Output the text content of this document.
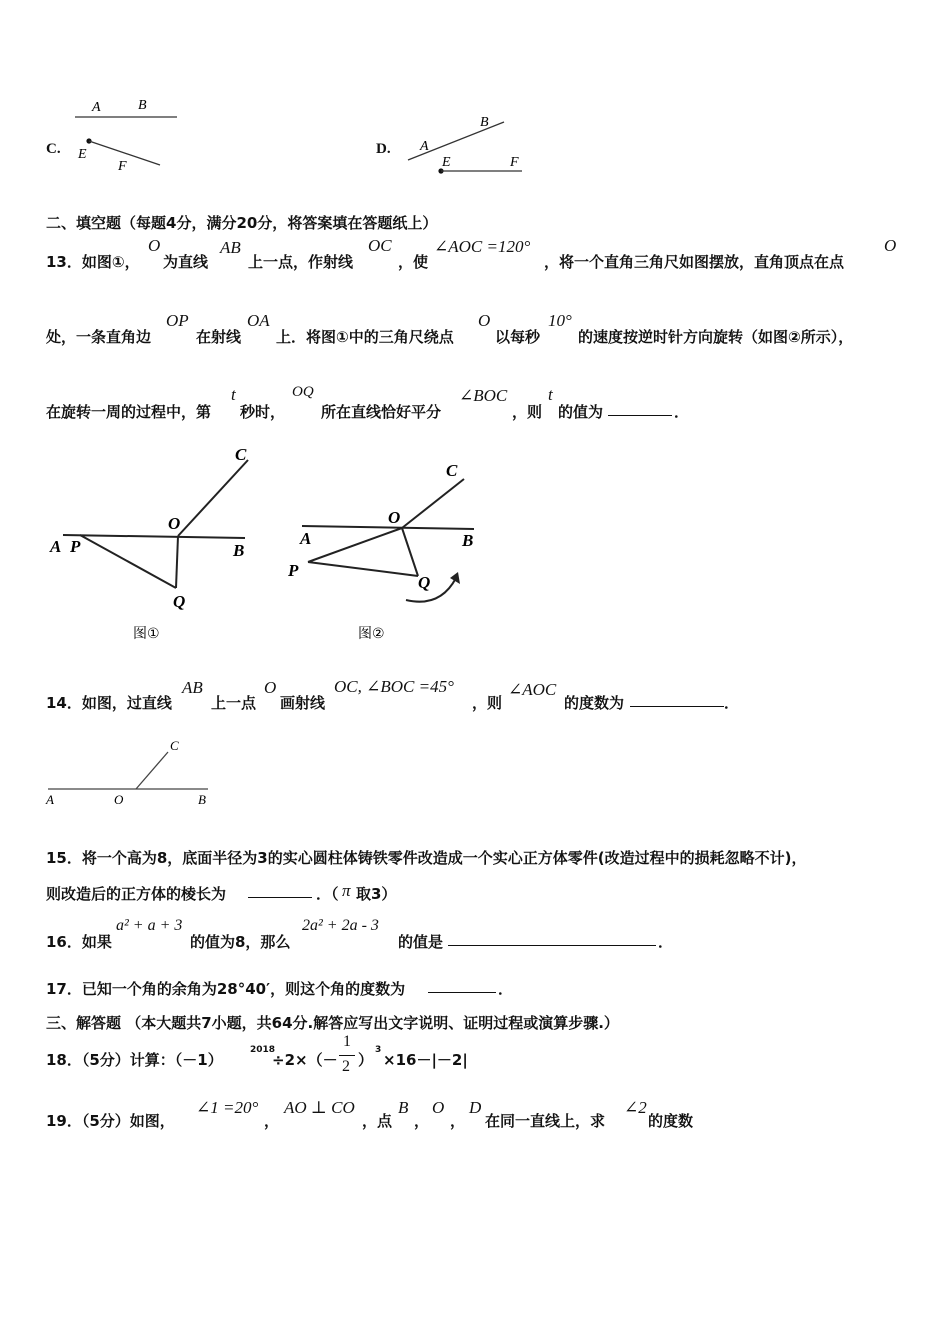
C.
A	B
E
F
D. A
B
E	F
二、填空题（每题4分，满分20分，将答案填在答题纸上）
13．如图①，
O
为直线
AB
上一点，作射线
OC
，使
∠AOC =120°
，将一个直角三角尺如图摆放，直角顶点在点
O
处，一条直角边
OP
在射线
OA
上．将图①中的三角尺绕点
O
以每秒
10°
的速度按逆时针方向旋转（如图②所示），
在旋转一周的过程中，第
t
秒时，
OQ
所在直线恰好平分
∠BOC
，则
t
的值为	．
C
O
A P	B
Q
图①
C
O
A	B
P
Q
图②
14．如图，过直线
AB
上一点
O
画射线
OC, ∠BOC =45°
，则
∠AOC
的度数为	．
A	O	B
C
15．将一个高为8，底面半径为3的实心圆柱体铸铁零件改造成一个实心正方体零件(改造过程中的损耗忽略不计)，
则改造后的正方体的棱长为	．（ π 取3）
16．如果
a² + a + 3
的值为8，那么
2a² + 2a - 3
的值是	．
17．已知一个角的余角为28°40′，则这个角的度数为	．
三、解答题 （本大题共7小题，共64分.解答应写出文字说明、证明过程或演算步骤.）
18．（5分）计算：（－1）
2018
÷2×（－
1
2 ）
3
×16－|－2|
19．（5分）如图，
∠1 =20°
，
AO ⊥ CO
，点
B
，
O
，
D
在同一直线上，求
∠2
的度数
